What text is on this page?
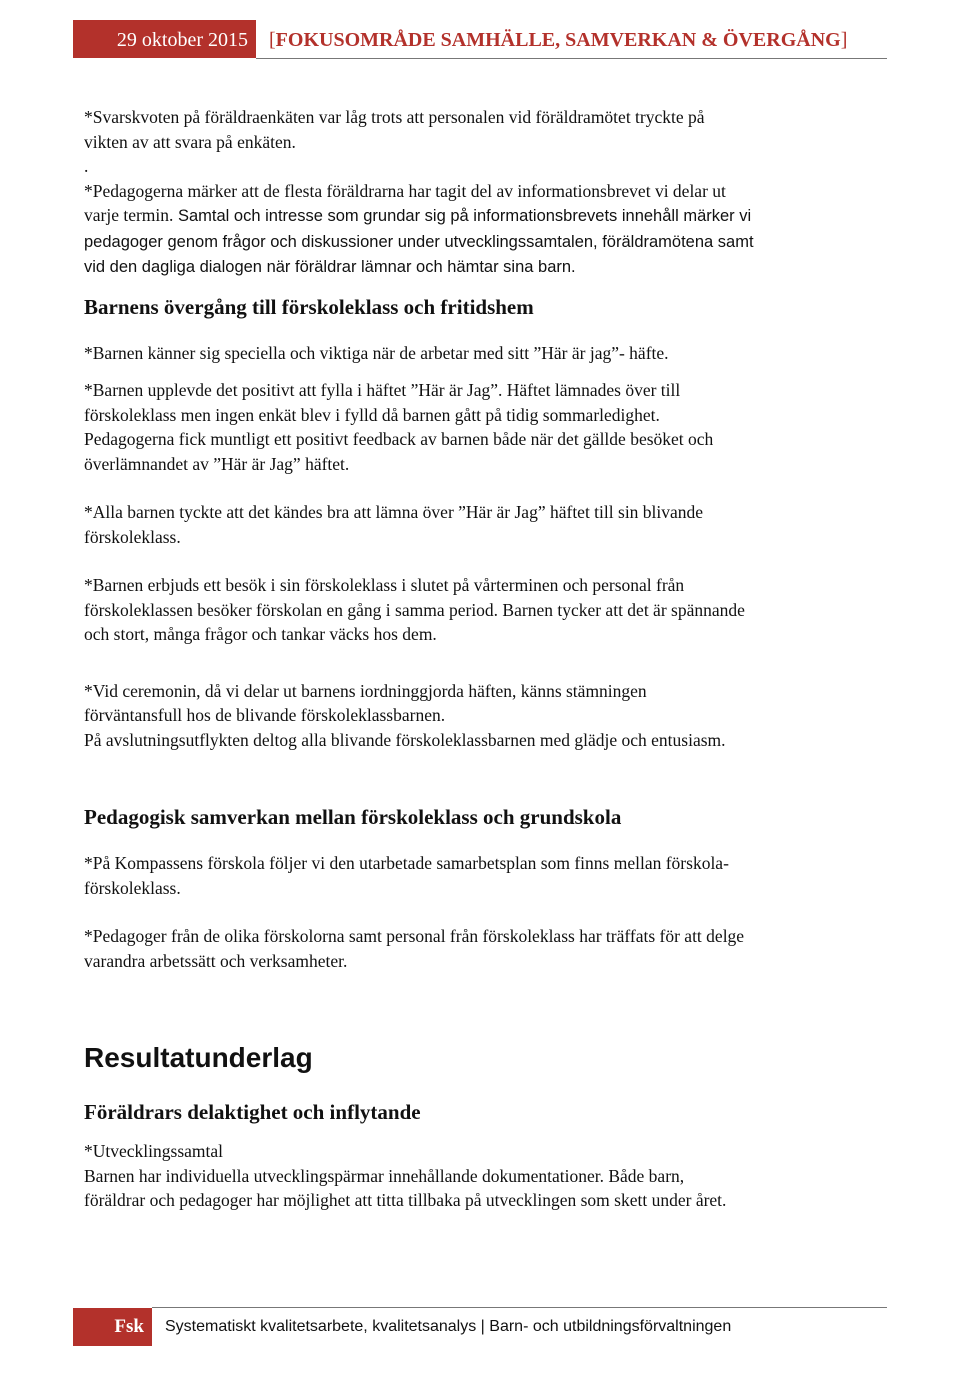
29 oktober 2015	[FOKUSOMRÅDE SAMHÄLLE, SAMVERKAN & ÖVERGÅNG]

*Svarskvoten på föräldraenkäten var låg trots att personalen vid föräldramötet tryckte på
vikten av att svara på enkäten.
.

*Pedagogerna märker att de flesta föräldrarna har tagit del av informationsbrevet vi delar ut
varje termin. Samtal och intresse som grundar sig på informationsbrevets innehåll märker vi
pedagoger genom frågor och diskussioner under utvecklingssamtalen, föräldramötena samt
vid den dagliga dialogen när föräldrar lämnar och hämtar sina barn.

Barnens övergång till förskoleklass och fritidshem

*Barnen känner sig speciella och viktiga när de arbetar med sitt ”Här är jag”- häfte.

*Barnen upplevde det positivt att fylla i häftet ”Här är Jag”. Häftet lämnades över till
förskoleklass men ingen enkät blev i fylld då barnen gått på tidig sommarledighet.
Pedagogerna fick muntligt ett positivt feedback av barnen både när det gällde besöket och
överlämnandet av ”Här är Jag” häftet.

*Alla barnen tyckte att det kändes bra att lämna över ”Här är Jag” häftet till sin blivande
förskoleklass.

*Barnen erbjuds ett besök i sin förskoleklass i slutet på vårterminen och personal från
förskoleklassen besöker förskolan en gång i samma period. Barnen tycker att det är spännande
och stort, många frågor och tankar väcks hos dem.

*Vid ceremonin, då vi delar ut barnens iordninggjorda häften, känns stämningen
förväntansfull hos de blivande förskoleklassbarnen.
På avslutningsutflykten deltog alla blivande förskoleklassbarnen med glädje och entusiasm.

Pedagogisk samverkan mellan förskoleklass och grundskola

*På Kompassens förskola följer vi den utarbetade samarbetsplan som finns mellan förskola-
förskoleklass.

*Pedagoger från de olika förskolorna samt personal från förskoleklass har träffats för att delge
varandra arbetssätt och verksamheter.

Resultatunderlag
Föräldrars delaktighet och inflytande

*Utvecklingssamtal
Barnen har individuella utvecklingspärmar innehållande dokumentationer. Både barn,
föräldrar och pedagoger har möjlighet att titta tillbaka på utvecklingen som skett under året.

Fsk	Systematiskt kvalitetsarbete, kvalitetsanalys | Barn- och utbildningsförvaltningen
